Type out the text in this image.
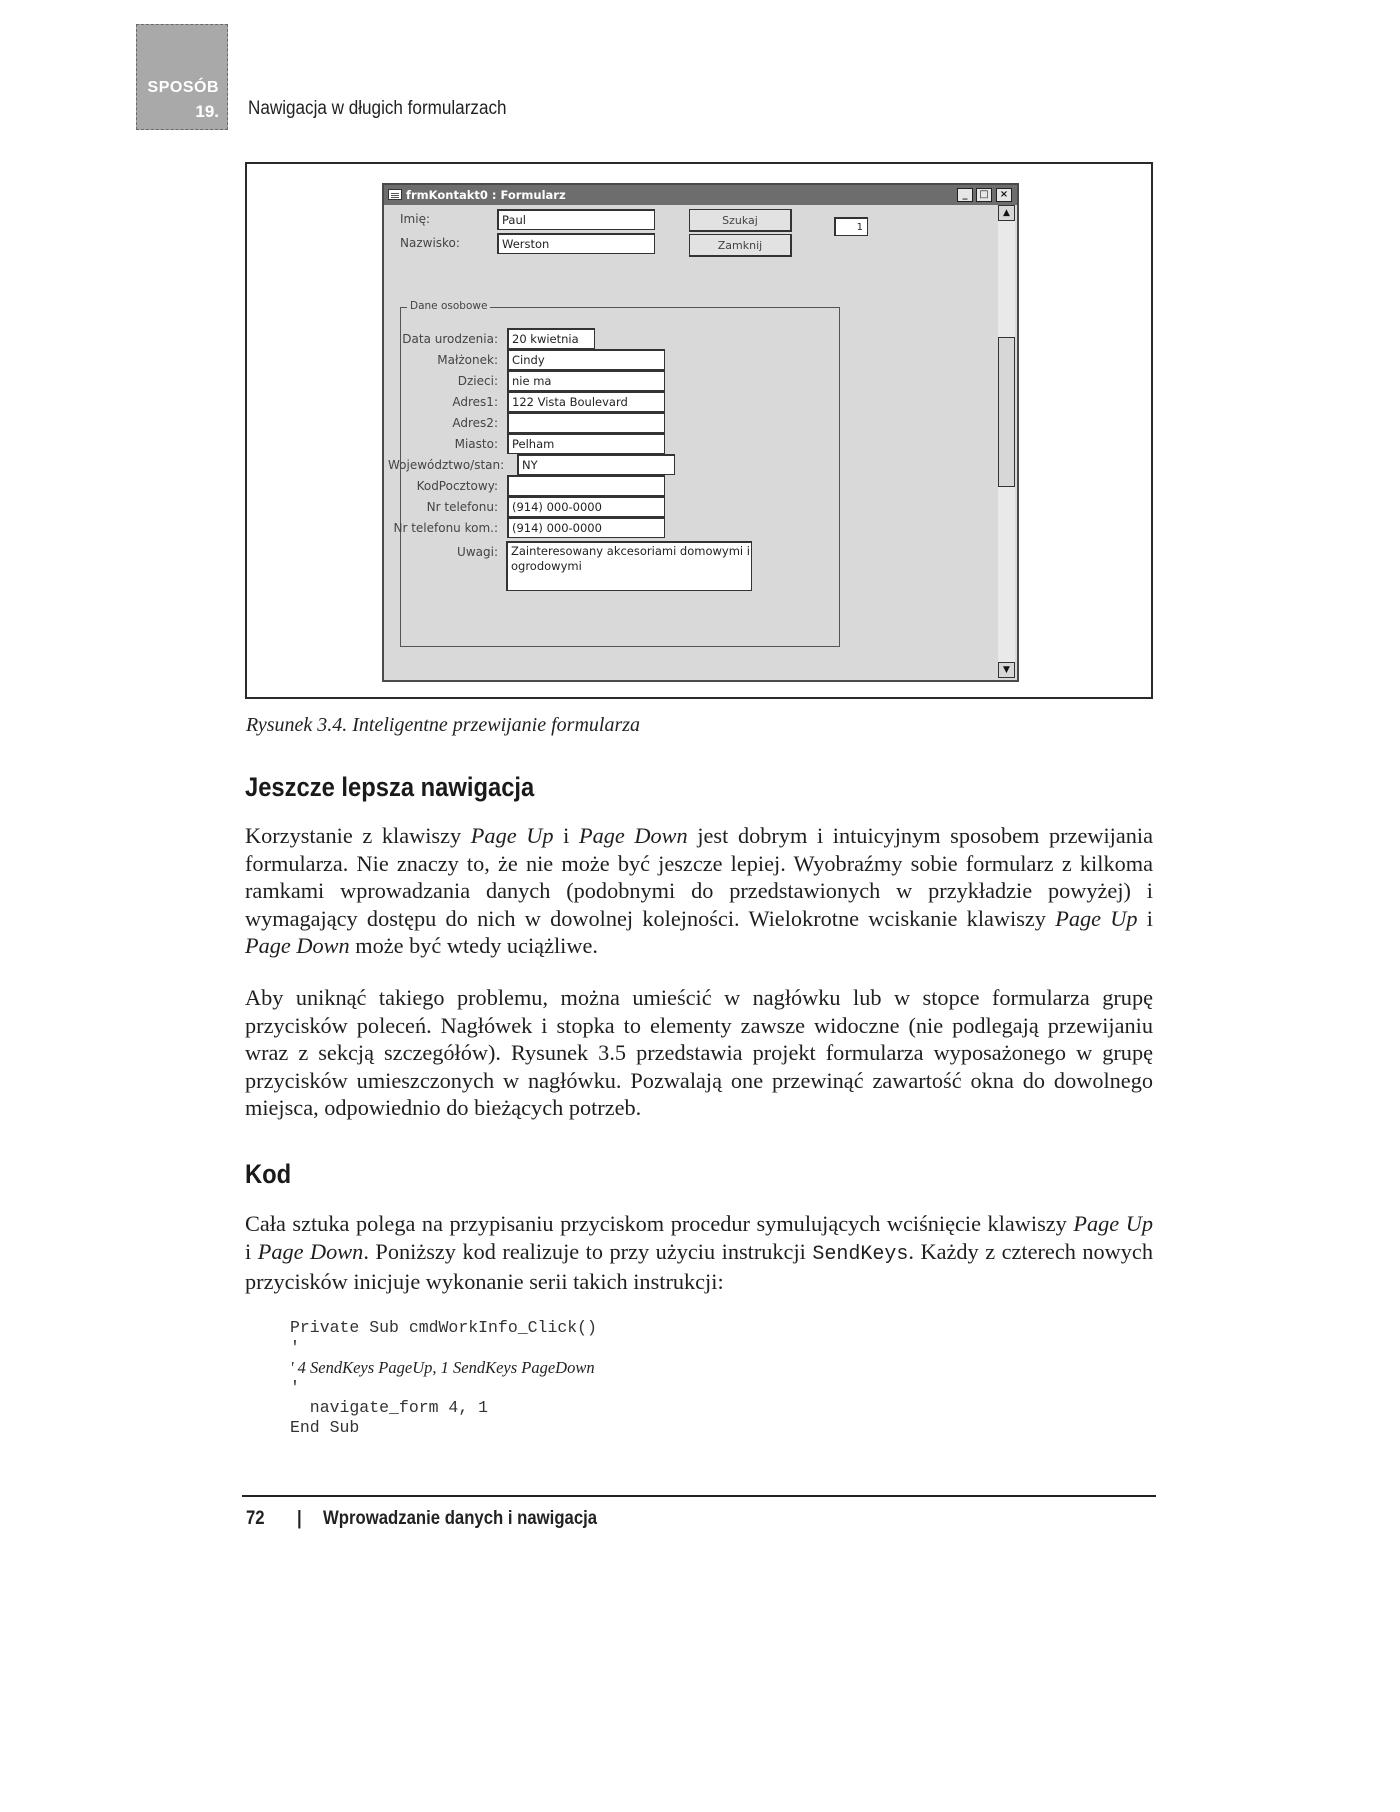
SPOSÓB
19. Nawigacja w długich formularzach
frmKontakt0 : Formularz	_	□	×
Imię:	Paul
Nazwisko:	Werston
Szukaj
Zamknij
1
Dane osobowe
Data urodzenia:	20 kwietnia
Małżonek:	Cindy
Dzieci:	nie ma
Adres1:	122 Vista Boulevard
Adres2:
Miasto:	Pelham
Województwo/stan:	NY
KodPocztowy:
Nr telefonu:	(914) 000-0000
Nr telefonu kom.:	(914) 000-0000
Uwagi:	Zainteresowany akcesoriami domowymi i ogrodowymi
▲
▼
Rysunek 3.4. Inteligentne przewijanie formularza
Jeszcze lepsza nawigacja

Korzystanie z klawiszy Page Up i Page Down jest dobrym i intuicyjnym sposobem przewijania formularza. Nie znaczy to, że nie może być jeszcze lepiej. Wyobraźmy sobie formularz z kilkoma ramkami wprowadzania danych (podobnymi do przedstawionych w przykładzie powyżej) i wymagający dostępu do nich w dowolnej kolejności. Wielokrotne wciskanie klawiszy Page Up i Page Down może być wtedy uciążliwe.

Aby uniknąć takiego problemu, można umieścić w nagłówku lub w stopce formularza grupę przycisków poleceń. Nagłówek i stopka to elementy zawsze widoczne (nie podlegają przewijaniu wraz z sekcją szczegółów). Rysunek 3.5 przedstawia projekt formularza wyposażonego w grupę przycisków umieszczonych w nagłówku. Pozwalają one przewinąć zawartość okna do dowolnego miejsca, odpowiednio do bieżących potrzeb.

Kod

Cała sztuka polega na przypisaniu przyciskom procedur symulujących wciśnięcie klawiszy Page Up i Page Down. Poniższy kod realizuje to przy użyciu instrukcji SendKeys. Każdy z czterech nowych przycisków inicjuje wykonanie serii takich instrukcji:

Private Sub cmdWorkInfo_Click()
'
' 4 SendKeys PageUp, 1 SendKeys PageDown
'
navigate_form 4, 1
End Sub
72 | Wprowadzanie danych i nawigacja
